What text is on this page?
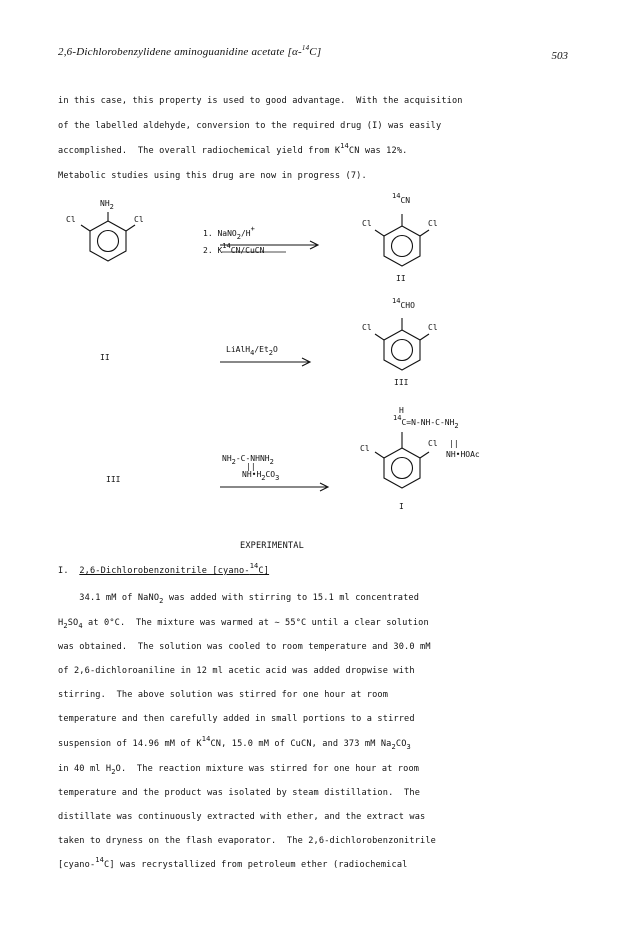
2,6-Dichlorobenzylidene aminoguanidine acetate [α-$^{14}$C]	503
in this case, this property is used to good advantage.  With the acquisition
of the labelled aldehyde, conversion to the required drug (I) was easily
accomplished.  The overall radiochemical yield from $K^{14}CN$ was 12%.
Metabolic studies using this drug are now in progress (7).
NH2
Cl	Cl
1. NaNO2/H+
2. K14CN/CuCN
14CN
Cl	Cl
II
II
LiAlH4/Et2O
14CHO
Cl	Cl
III
III
NH2-C-NHNH2
||
NH•H2CO3
H
14C=N-NH-C-NH2
Cl ||
NH•HOAc
Cl
I
EXPERIMENTAL
I. 2,6-Dichlorobenzonitrile [cyano-$^{14}$C]
34.1 mM of NaNO$_2$ was added with stirring to 15.1 ml concentrated
$H_2SO_4$ at 0°C.  The mixture was warmed at ∼ 55°C until a clear solution
was obtained.  The solution was cooled to room temperature and 30.0 mM
of 2,6-dichloroaniline in 12 ml acetic acid was added dropwise with
stirring.  The above solution was stirred for one hour at room
temperature and then carefully added in small portions to a stirred
suspension of 14.96 mM of $K^{14}CN$, 15.0 mM of CuCN, and 373 mM $Na_2CO_3$
in 40 ml $H_2O$.  The reaction mixture was stirred for one hour at room
temperature and the product was isolated by steam distillation.  The
distillate was continuously extracted with ether, and the extract was
taken to dryness on the flash evaporator.  The 2,6-dichlorobenzonitrile
[cyano-$^{14}$C] was recrystallized from petroleum ether (radiochemical
